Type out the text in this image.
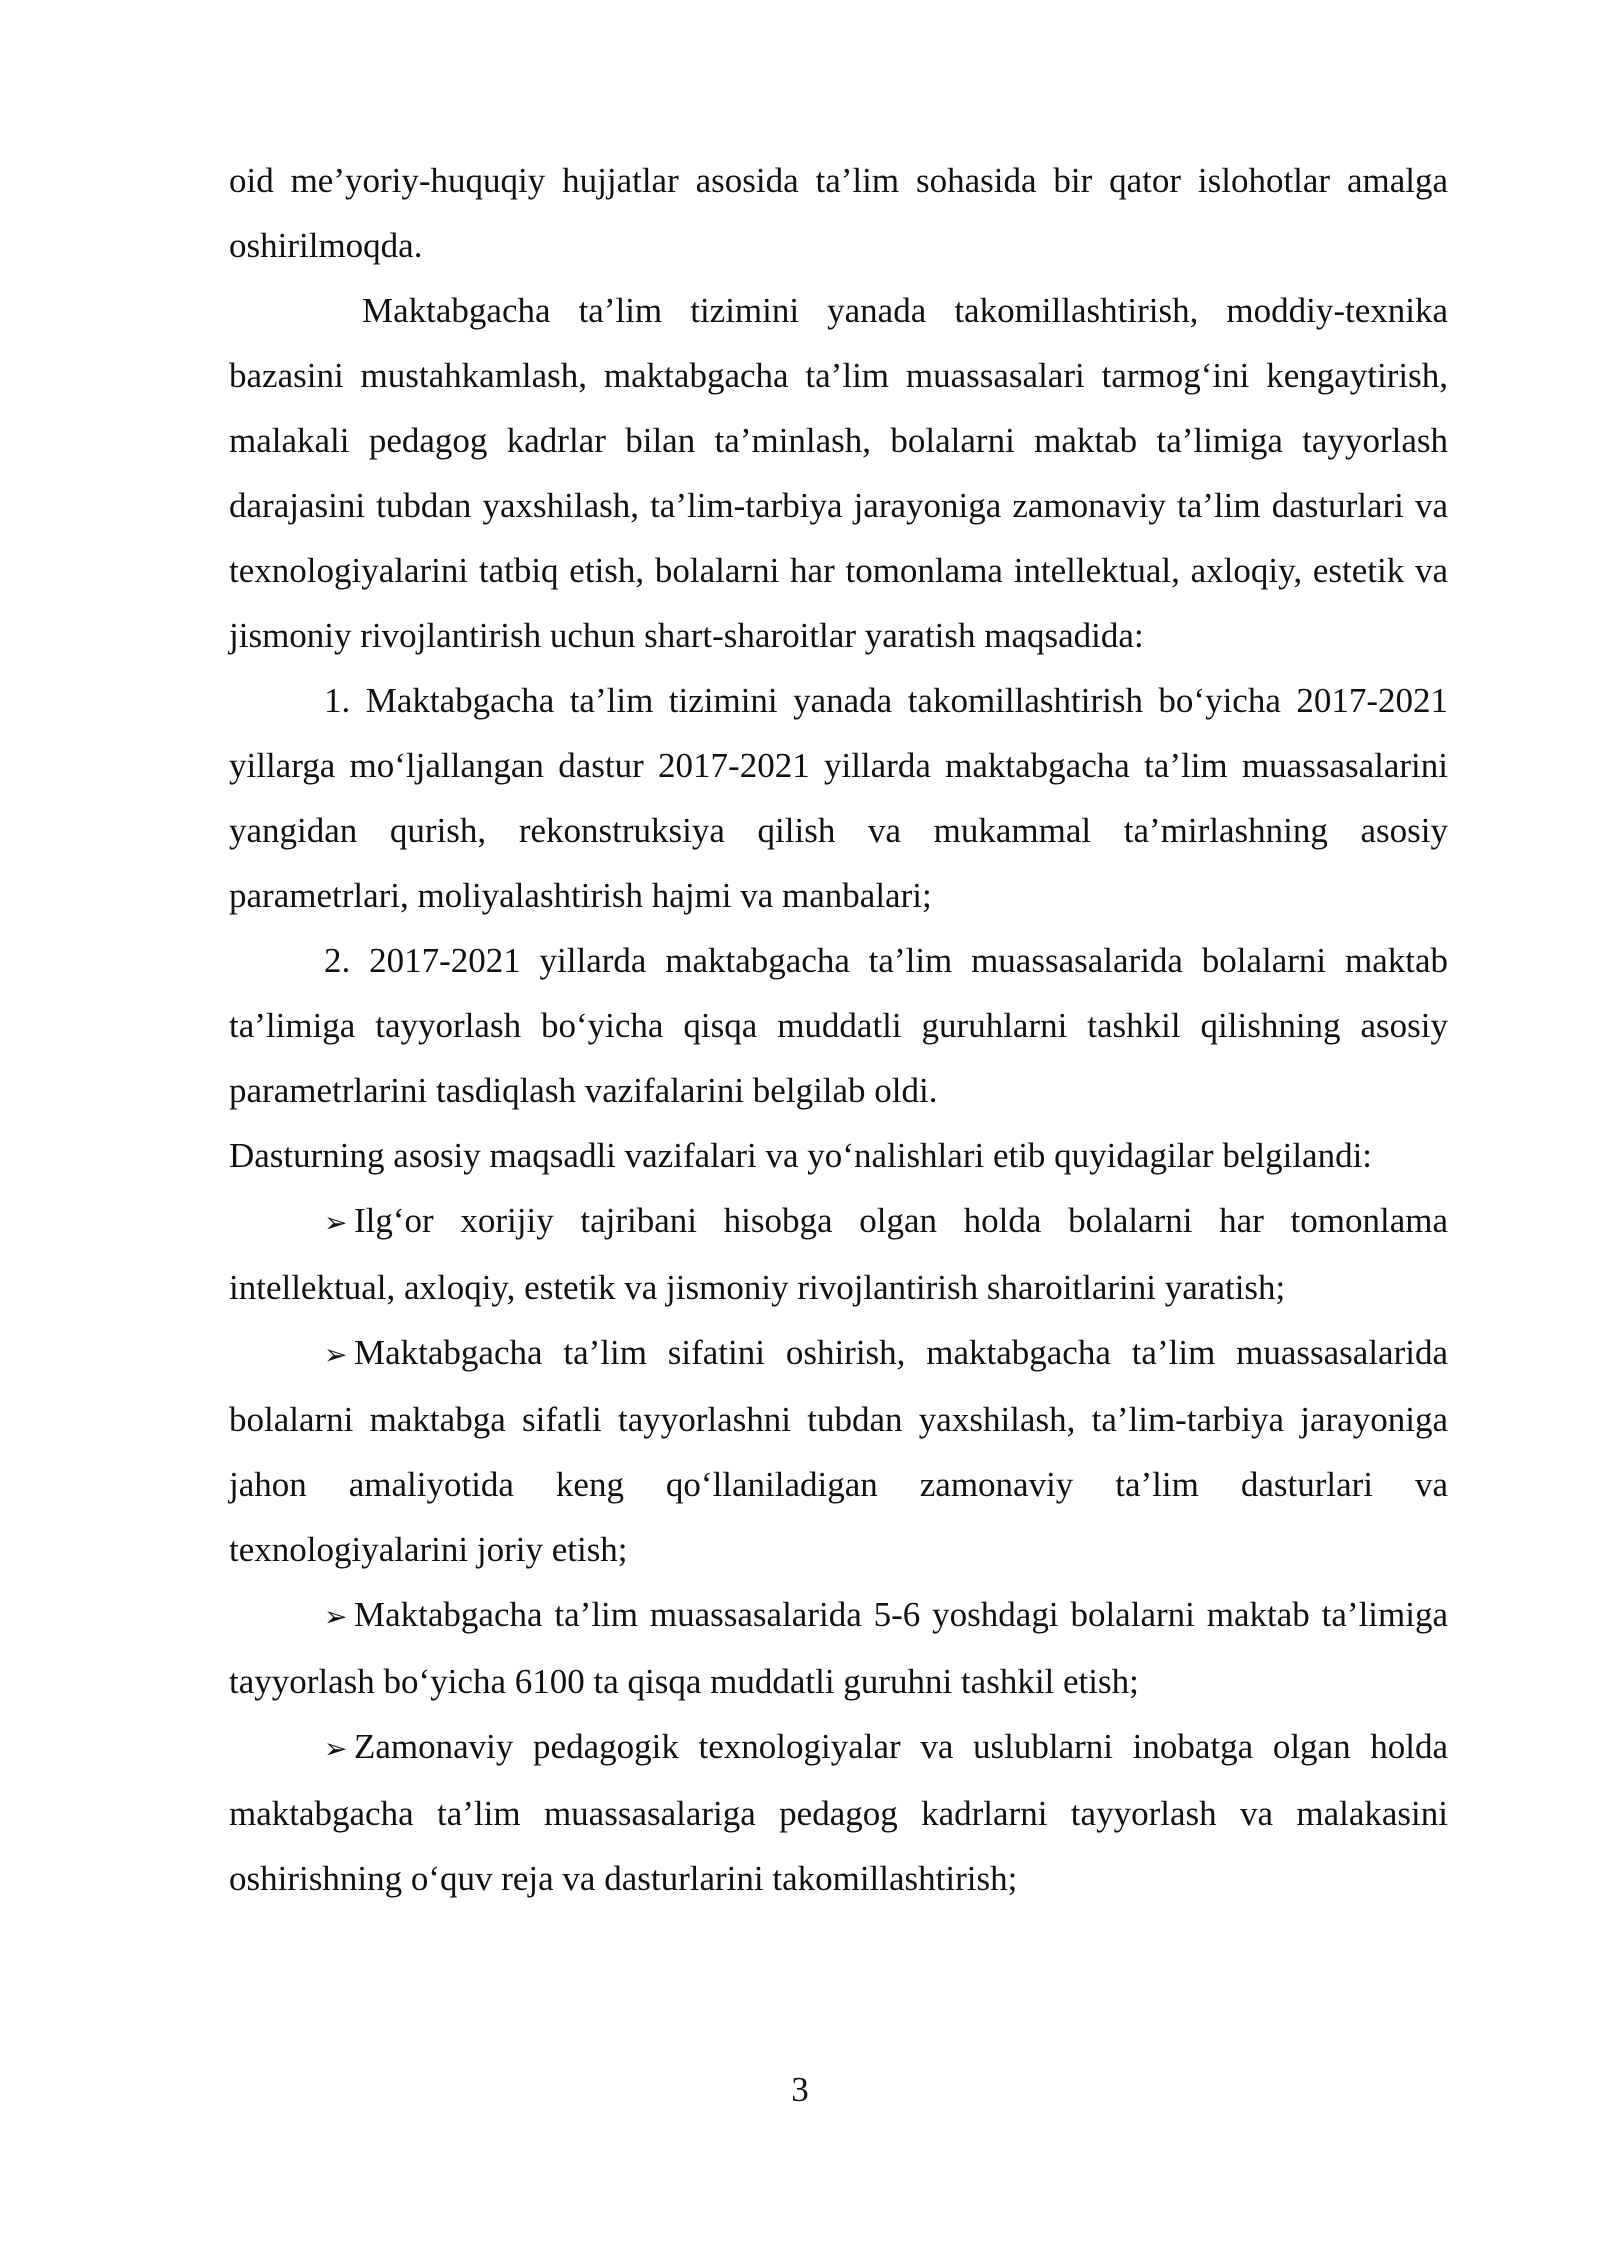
oid me’yoriy-huquqiy hujjatlar asosida ta’lim sohasida bir qator islohotlar amalga oshirilmoqda.

Maktabgacha ta’lim tizimini yanada takomillashtirish, moddiy-texnika bazasini mustahkamlash, maktabgacha ta’lim muassasalari tarmog‘ini kengaytirish, malakali pedagog kadrlar bilan ta’minlash, bolalarni maktab ta’limiga tayyorlash darajasini tubdan yaxshilash, ta’lim-tarbiya jarayoniga zamonaviy ta’lim dasturlari va texnologiyalarini tatbiq etish, bolalarni har tomonlama intellektual, axloqiy, estetik va jismoniy rivojlantirish uchun shart-sharoitlar yaratish maqsadida:

1. Maktabgacha ta’lim tizimini yanada takomillashtirish bo‘yicha 2017-2021 yillarga mo‘ljallangan dastur 2017-2021 yillarda maktabgacha ta’lim muassasalarini yangidan qurish, rekonstruksiya qilish va mukammal ta’mirlashning asosiy parametrlari, moliyalashtirish hajmi va manbalari;

2. 2017-2021 yillarda maktabgacha ta’lim muassasalarida bolalarni maktab ta’limiga tayyorlash bo‘yicha qisqa muddatli guruhlarni tashkil qilishning asosiy parametrlarini tasdiqlash vazifalarini belgilab oldi.

Dasturning asosiy maqsadli vazifalari va yo‘nalishlari etib quyidagilar belgilandi:

➢ Ilg‘or xorijiy tajribani hisobga olgan holda bolalarni har tomonlama intellektual, axloqiy, estetik va jismoniy rivojlantirish sharoitlarini yaratish;

➢ Maktabgacha ta’lim sifatini oshirish, maktabgacha ta’lim muassasalarida bolalarni maktabga sifatli tayyorlashni tubdan yaxshilash, ta’lim-tarbiya jarayoniga jahon amaliyotida keng qo‘llaniladigan zamonaviy ta’lim dasturlari va texnologiyalarini joriy etish;

➢ Maktabgacha ta’lim muassasalarida 5-6 yoshdagi bolalarni maktab ta’limiga tayyorlash bo‘yicha 6100 ta qisqa muddatli guruhni tashkil etish;

➢ Zamonaviy pedagogik texnologiyalar va uslublarni inobatga olgan holda maktabgacha ta’lim muassasalariga pedagog kadrlarni tayyorlash va malakasini oshirishning o‘quv reja va dasturlarini takomillashtirish;

3
